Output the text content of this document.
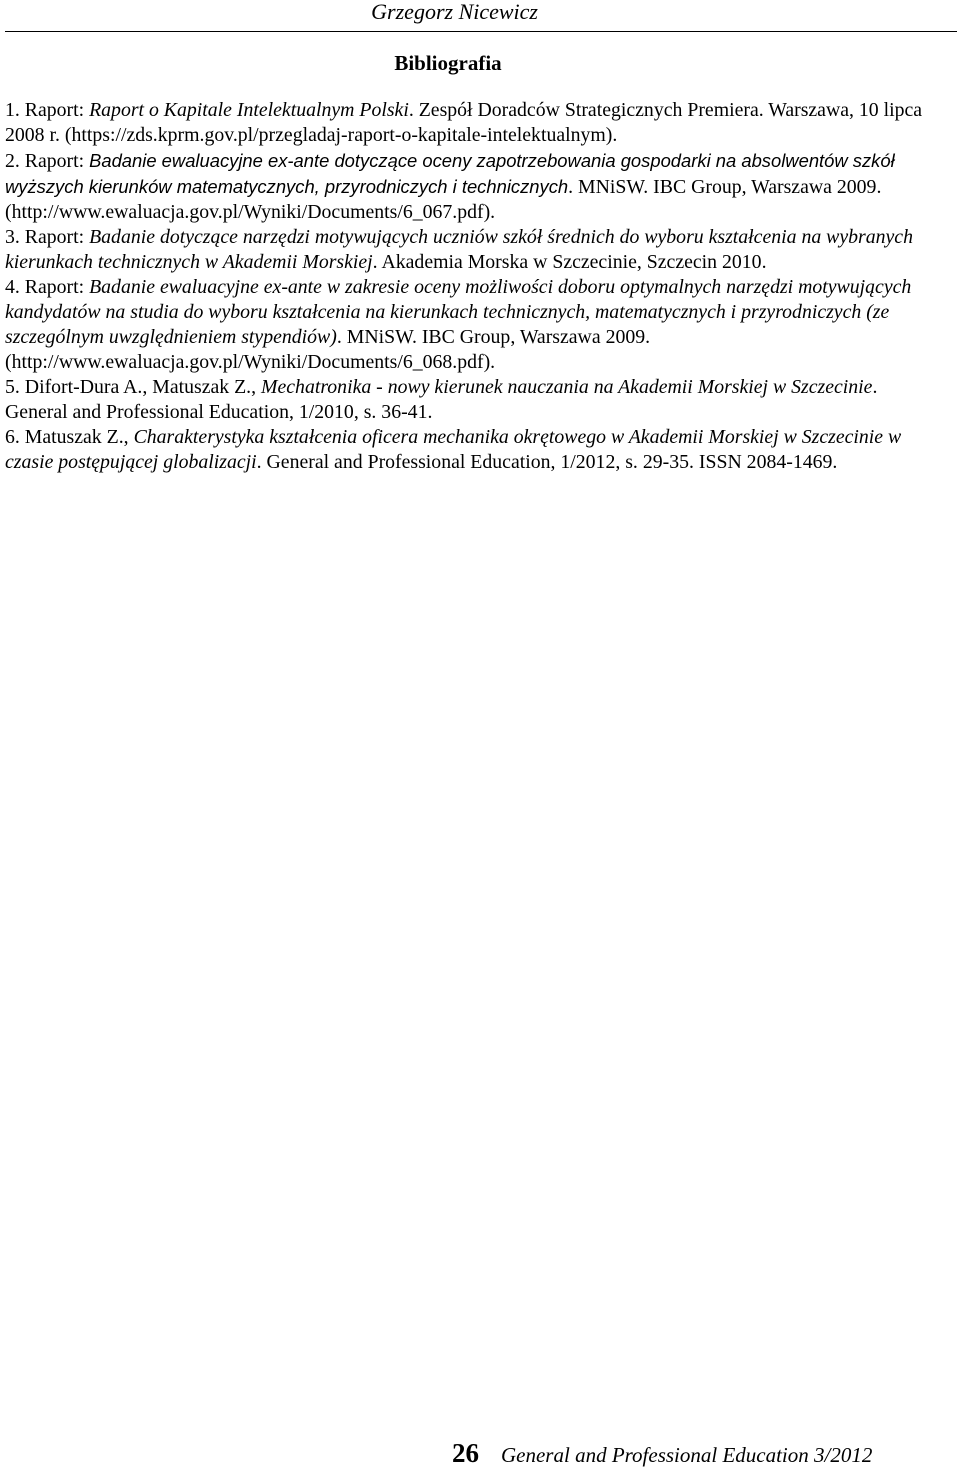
Grzegorz Nicewicz
Bibliografia
1. Raport: Raport o Kapitale Intelektualnym Polski. Zespół Doradców Strategicznych Premiera. Warszawa, 10 lipca 2008 r. (https://zds.kprm.gov.pl/przegladaj-raport-o-kapitale-intelektualnym).
2. Raport: Badanie ewaluacyjne ex-ante dotyczące oceny zapotrzebowania gospodarki na absolwentów szkół wyższych kierunków matematycznych, przyrodniczych i technicznych. MNiSW. IBC Group, Warszawa 2009. (http://www.ewaluacja.gov.pl/Wyniki/Documents/6_067.pdf).
3. Raport: Badanie dotyczące narzędzi motywujących uczniów szkół średnich do wyboru kształcenia na wybranych kierunkach technicznych w Akademii Morskiej. Akademia Morska w Szczecinie, Szczecin 2010.
4. Raport: Badanie ewaluacyjne ex-ante w zakresie oceny możliwości doboru optymalnych narzędzi motywujących kandydatów na studia do wyboru kształcenia na kierunkach technicznych, matematycznych i przyrodniczych (ze szczególnym uwzględnieniem stypendiów). MNiSW. IBC Group, Warszawa 2009. (http://www.ewaluacja.gov.pl/Wyniki/Documents/6_068.pdf).
5. Difort-Dura A., Matuszak Z., Mechatronika - nowy kierunek nauczania na Akademii Morskiej w Szczecinie. General and Professional Education, 1/2010, s. 36-41.
6. Matuszak Z., Charakterystyka kształcenia oficera mechanika okrętowego w Akademii Morskiej w Szczecinie w czasie postępującej globalizacji. General and Professional Education, 1/2012, s. 29-35. ISSN 2084-1469.
26 General and Professional Education 3/2012
